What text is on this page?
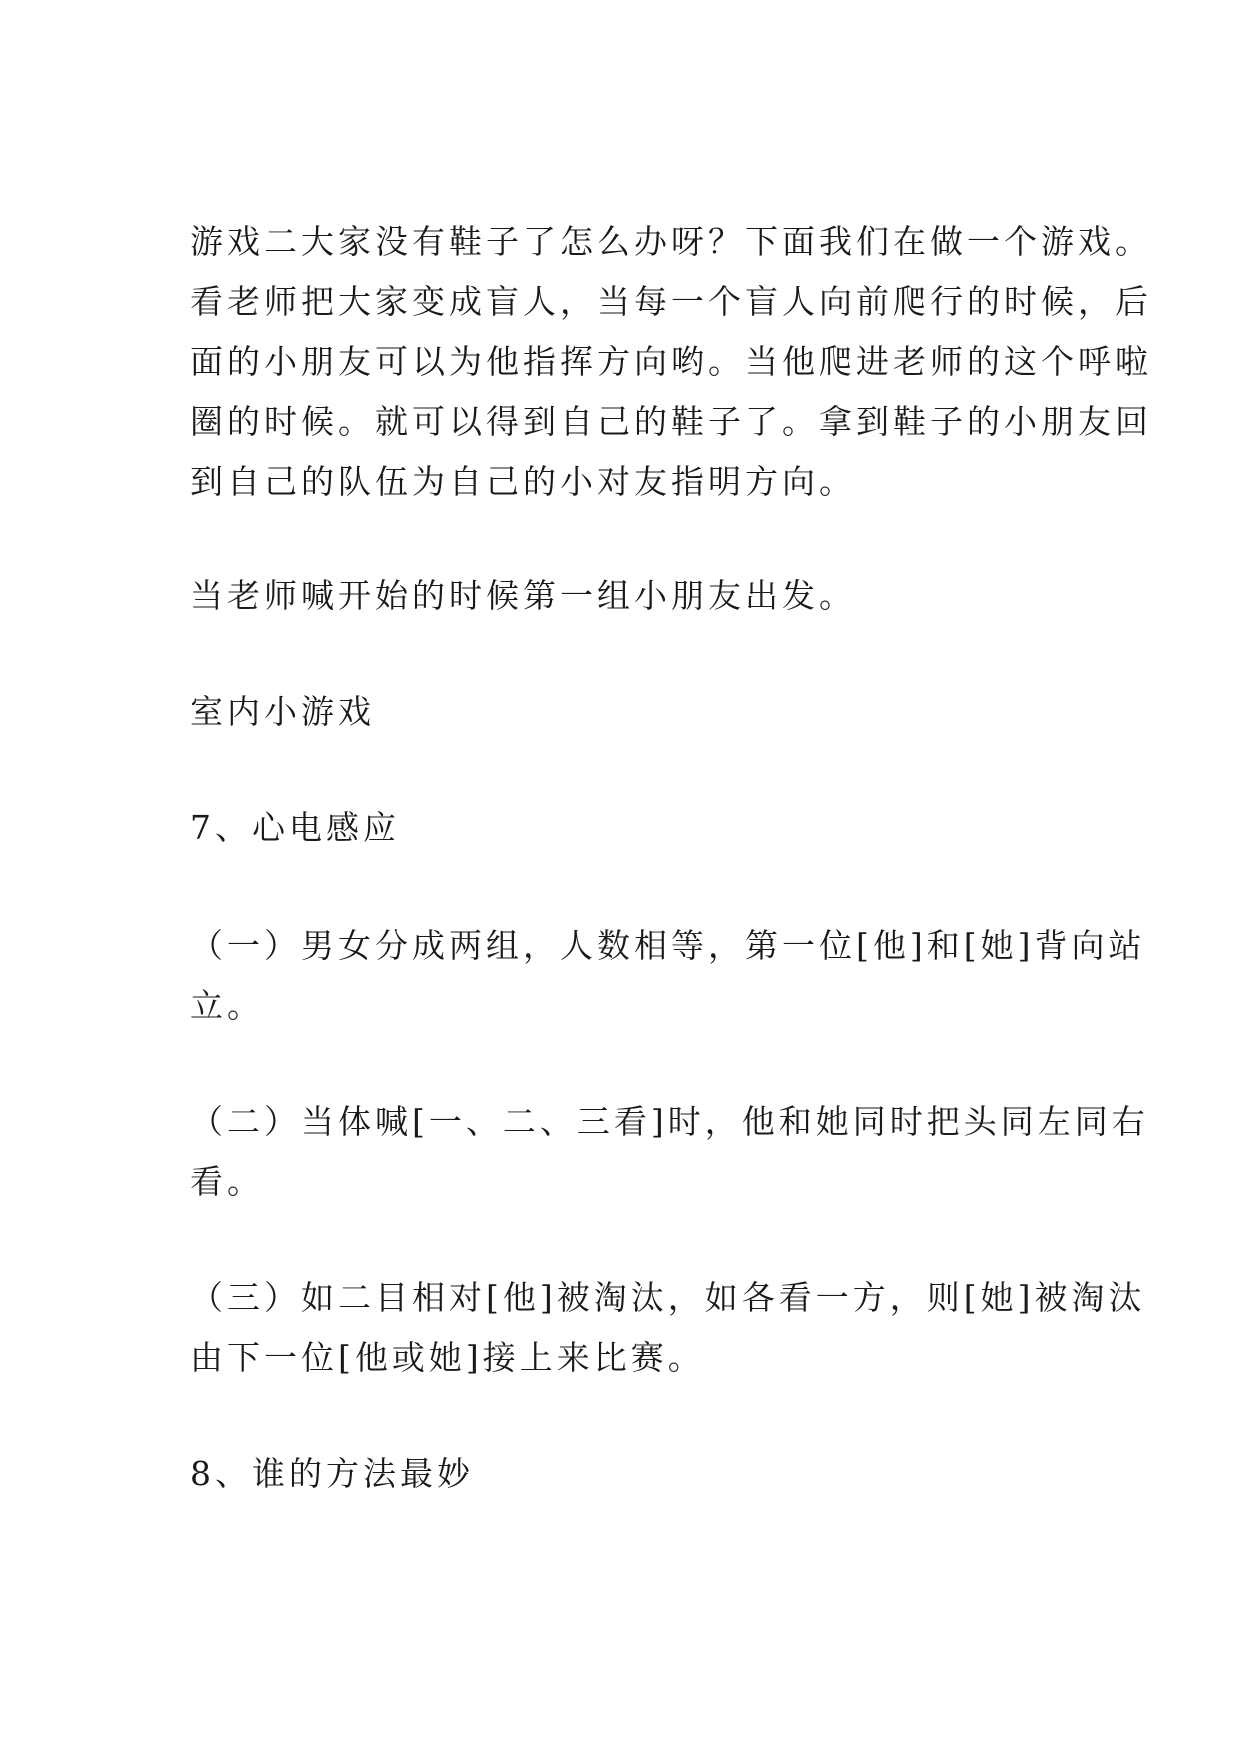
游戏二大家没有鞋子了怎么办呀？下面我们在做一个游戏。
看老师把大家变成盲人，当每一个盲人向前爬行的时候，后
面的小朋友可以为他指挥方向哟。当他爬进老师的这个呼啦
圈的时候。就可以得到自己的鞋子了。拿到鞋子的小朋友回
到自己的队伍为自己的小对友指明方向。
当老师喊开始的时候第一组小朋友出发。
室内小游戏
7、心电感应
（一）男女分成两组，人数相等，第一位[他]和[她]背向站
立。
（二）当体喊[一、二、三看]时，他和她同时把头同左同右
看。
（三）如二目相对[他]被淘汰，如各看一方，则[她]被淘汰
由下一位[他或她]接上来比赛。
8、谁的方法最妙
